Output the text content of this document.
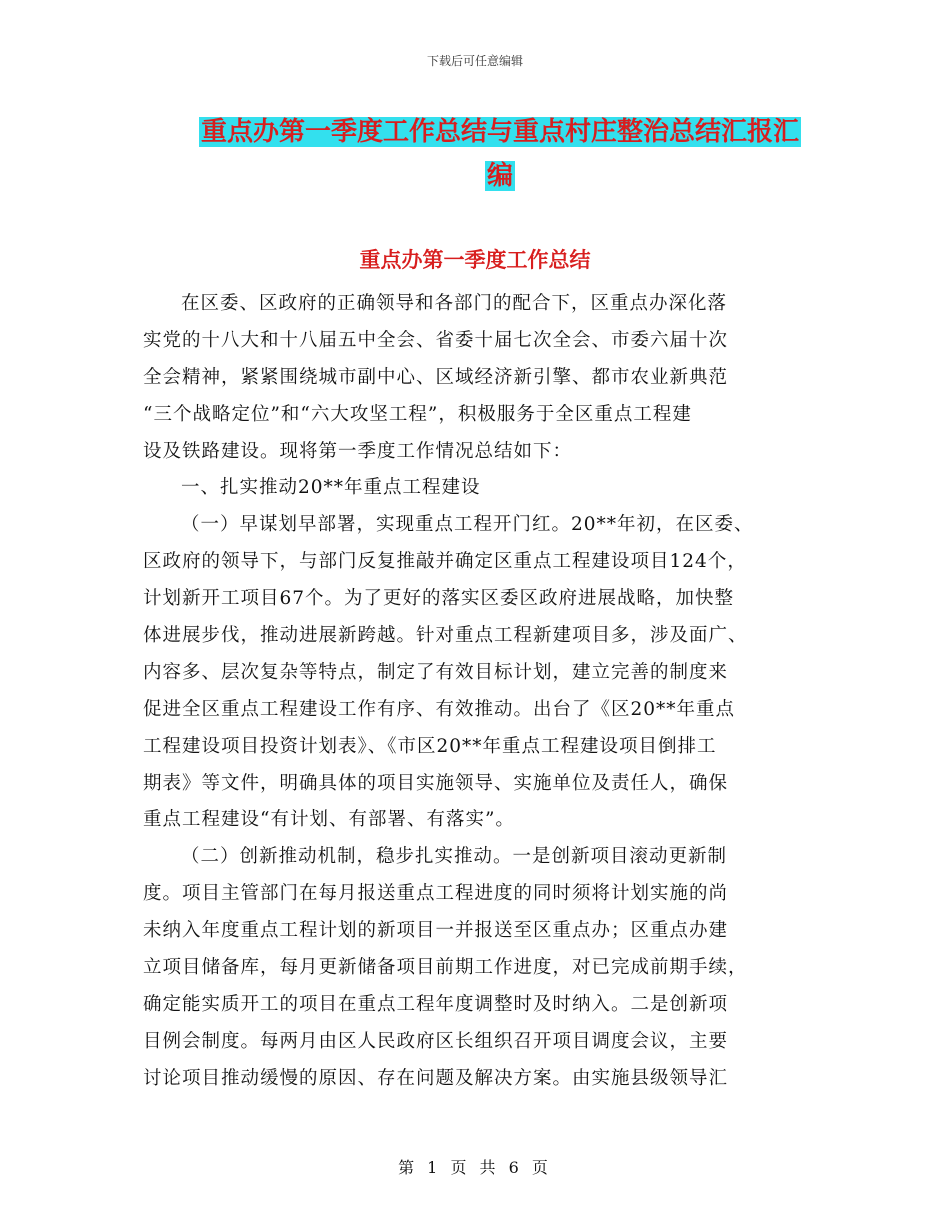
下载后可任意编辑
重点办第一季度工作总结与重点村庄整治总结汇报汇
编
重点办第一季度工作总结
在区委、区政府的正确领导和各部门的配合下，区重点办深化落
实党的十八大和十八届五中全会、省委十届七次全会、市委六届十次
全会精神，紧紧围绕城市副中心、区域经济新引擎、都市农业新典范
“三个战略定位”和“六大攻坚工程”，积极服务于全区重点工程建
设及铁路建设。现将第一季度工作情况总结如下：
一、扎实推动20**年重点工程建设
（一）早谋划早部署，实现重点工程开门红。20**年初，在区委、
区政府的领导下，与部门反复推敲并确定区重点工程建设项目124个，
计划新开工项目67个。为了更好的落实区委区政府进展战略，加快整
体进展步伐，推动进展新跨越。针对重点工程新建项目多，涉及面广、
内容多、层次复杂等特点，制定了有效目标计划，建立完善的制度来
促进全区重点工程建设工作有序、有效推动。出台了《区20**年重点
工程建设项目投资计划表》、《市区20**年重点工程建设项目倒排工
期表》等文件，明确具体的项目实施领导、实施单位及责任人，确保
重点工程建设“有计划、有部署、有落实”。
（二）创新推动机制，稳步扎实推动。一是创新项目滚动更新制
度。项目主管部门在每月报送重点工程进度的同时须将计划实施的尚
未纳入年度重点工程计划的新项目一并报送至区重点办；区重点办建
立项目储备库，每月更新储备项目前期工作进度，对已完成前期手续，
确定能实质开工的项目在重点工程年度调整时及时纳入。二是创新项
目例会制度。每两月由区人民政府区长组织召开项目调度会议，主要
讨论项目推动缓慢的原因、存在问题及解决方案。由实施县级领导汇
第 1 页 共 6 页
